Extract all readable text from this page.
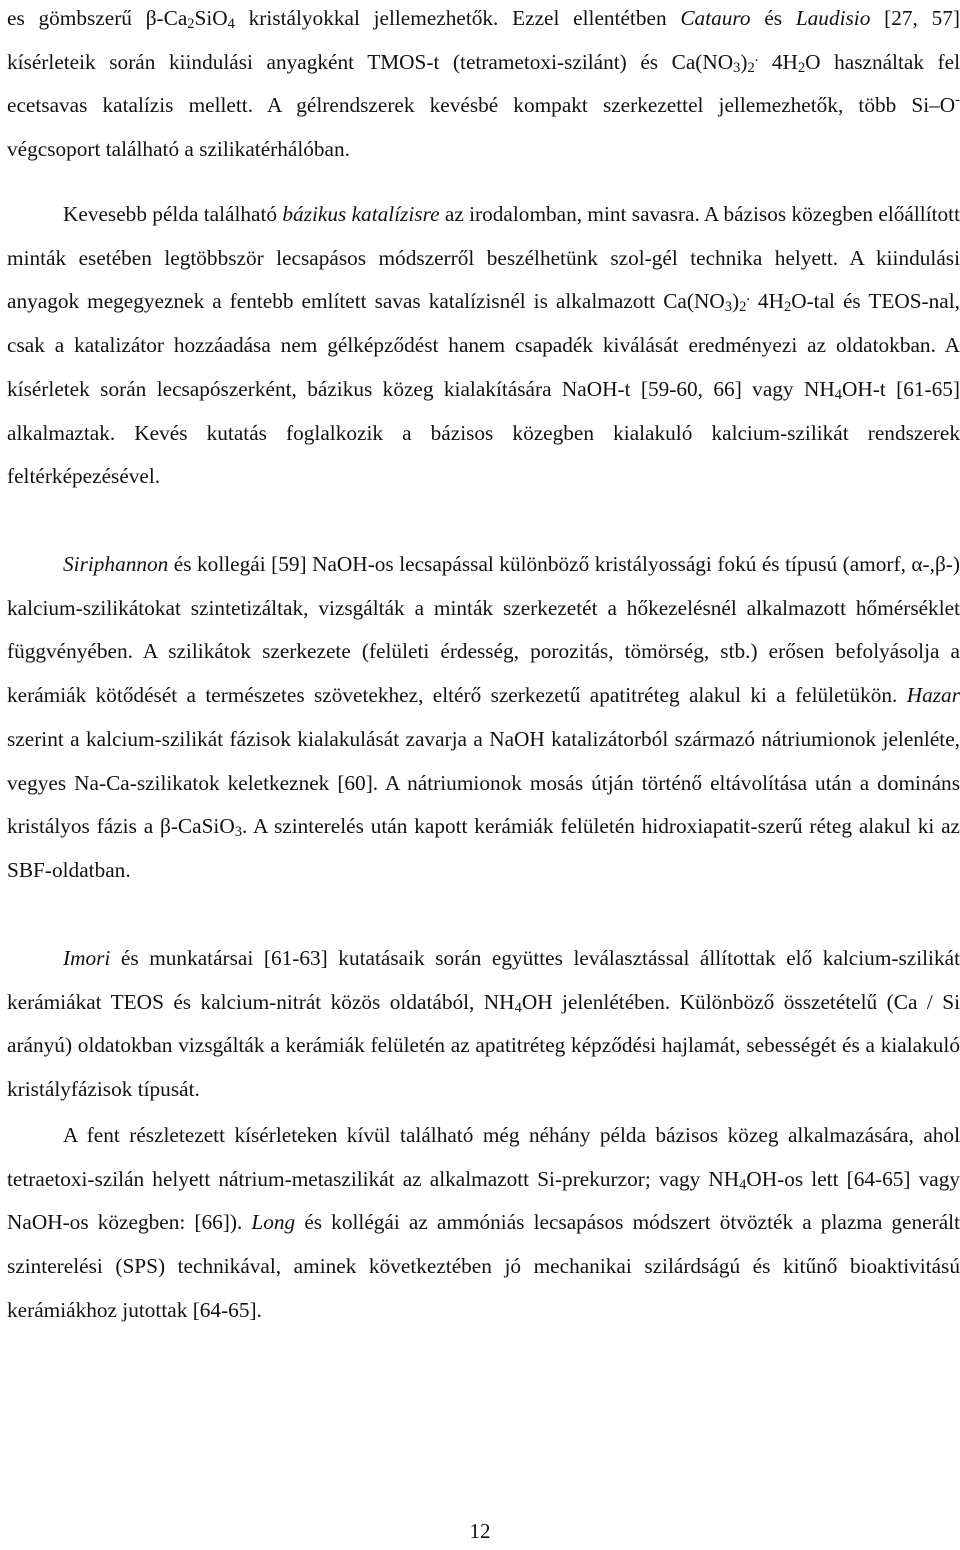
es gömbszerű $\beta-Ca_2SiO_4$ kristályokkal jellemezhetők. Ezzel ellentétben Catauro és Laudisio [27, 57] kísérleteik során kiindulási anyagként TMOS-t (tetrametoxi-szilánt) és $Ca(NO_3)_2^.$ $4H_2O$ használtak fel ecetsavas katalízis mellett. A gélrendszerek kevésbé kompakt szerkezettel jellemezhetők, több Si–O- végcsoport található a szilikatérhálóban.

Kevesebb példa található bázikus katalízisre az irodalomban, mint savasra. A bázisos közegben előállított minták esetében legtöbbször lecsapásos módszerről beszélhetünk szol-gél technika helyett. A kiindulási anyagok megegyeznek a fentebb említett savas katalízisnél is alkalmazott $Ca(NO_3)_2^.$ $4H_2O$-tal és TEOS-nal, csak a katalizátor hozzáadása nem gélképződést hanem csapadék kiválását eredményezi az oldatokban. A kísérletek során lecsapószerként, bázikus közeg kialakítására NaOH-t [59-60, 66] vagy $NH_4OH-t$ [61-65] alkalmaztak. Kevés kutatás foglalkozik a bázisos közegben kialakuló kalcium-szilikát rendszerek feltérképezésével.

Siriphannon és kollegái [59] NaOH-os lecsapással különböző kristályossági fokú és típusú (amorf, α-,β-) kalcium-szilikátokat szintetizáltak, vizsgálták a minták szerkezetét a hőkezelésnél alkalmazott hőmérséklet függvényében. A szilikátok szerkezete (felületi érdesség, porozitás, tömörség, stb.) erősen befolyásolja a kerámiák kötődését a természetes szövetekhez, eltérő szerkezetű apatitréteg alakul ki a felületükön. Hazar szerint a kalcium-szilikát fázisok kialakulását zavarja a NaOH katalizátorból származó nátriumionok jelenléte, vegyes Na-Ca-szilikatok keletkeznek [60]. A nátriumionok mosás útján történő eltávolítása után a domináns kristályos fázis a β-CaSiO$_3$. A szinterelés után kapott kerámiák felületén hidroxiapatit-szerű réteg alakul ki az SBF-oldatban.

Imori és munkatársai [61-63] kutatásaik során együttes leválasztással állítottak elő kalcium-szilikát kerámiákat TEOS és kalcium-nitrát közös oldatából, $NH_4OH$ jelenlétében. Különböző összetételű (Ca / Si arányú) oldatokban vizsgálták a kerámiák felületén az apatitréteg képződési hajlamát, sebességét és a kialakuló kristályfázisok típusát.

A fent részletezett kísérleteken kívül található még néhány példa bázisos közeg alkalmazására, ahol tetraetoxi-szilán helyett nátrium-metaszilikát az alkalmazott Si-prekurzor; vagy $NH_4OH-os$ lett [64-65] vagy NaOH-os közegben: [66]). Long és kollégái az ammóniás lecsapásos módszert ötvözték a plazma generált szinterelési (SPS) technikával, aminek következtében jó mechanikai szilárdságú és kitűnő bioaktivitású kerámiákhoz jutottak [64-65].

12
